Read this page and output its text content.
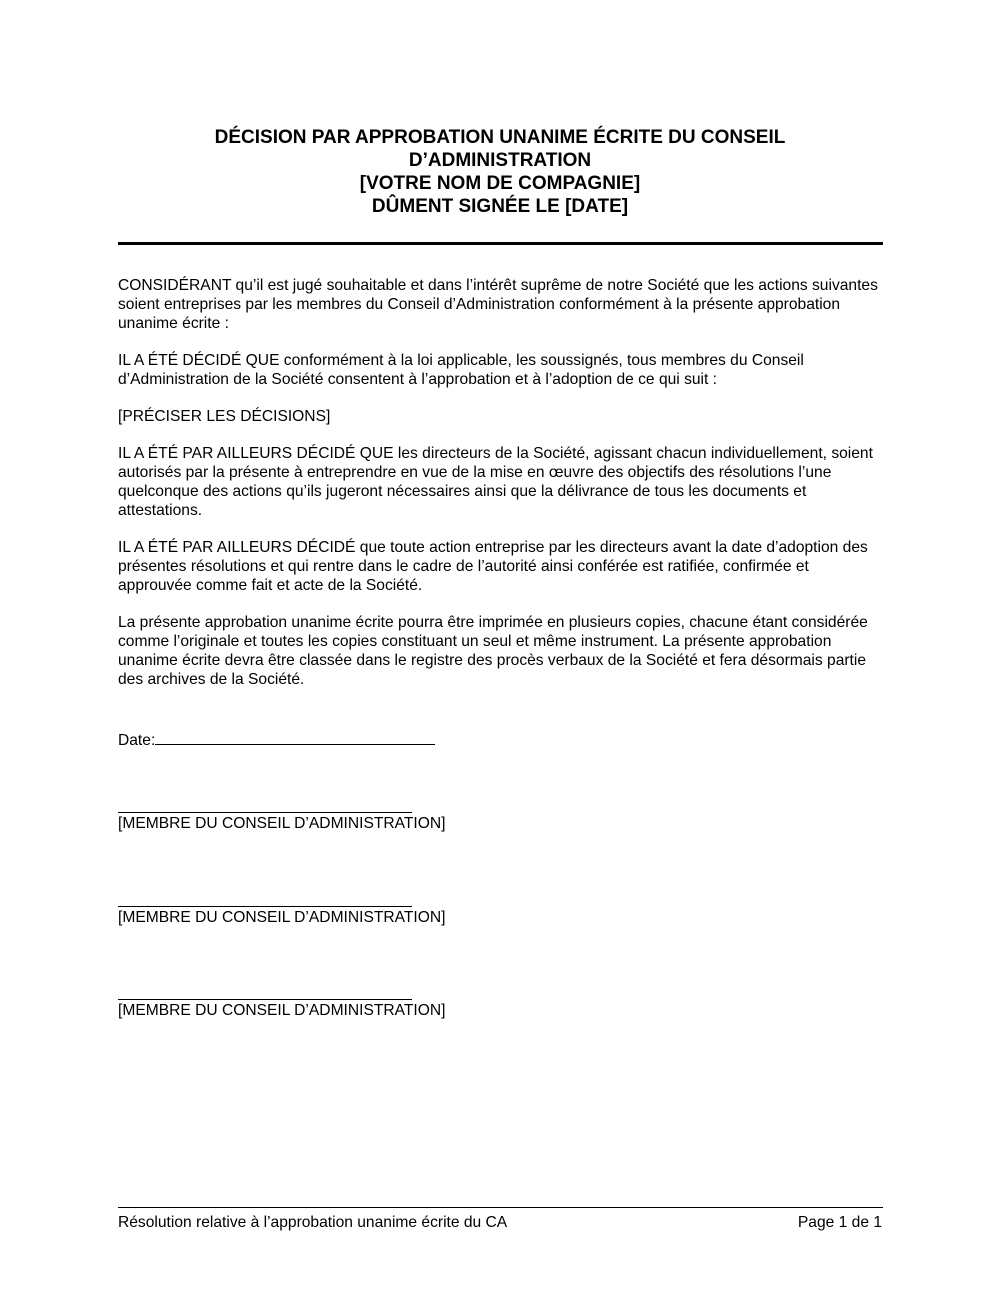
DÉCISION PAR APPROBATION UNANIME ÉCRITE DU CONSEIL
D’ADMINISTRATION
[VOTRE NOM DE COMPAGNIE]
DÛMENT SIGNÉE LE [DATE]

CONSIDÉRANT qu’il est jugé souhaitable et dans l’intérêt suprême de notre Société que les actions suivantes soient entreprises par les membres du Conseil d’Administration conformément à la présente approbation unanime écrite :

IL A ÉTÉ DÉCIDÉ QUE conformément à la loi applicable, les soussignés, tous membres du Conseil d’Administration de la Société consentent à l’approbation et à l’adoption de ce qui suit :

[PRÉCISER LES DÉCISIONS]

IL A ÉTÉ PAR AILLEURS DÉCIDÉ QUE les directeurs de la Société, agissant chacun individuellement, soient autorisés par la présente à entreprendre en vue de la mise en œuvre des objectifs des résolutions l’une quelconque des actions qu’ils jugeront nécessaires ainsi que la délivrance de tous les documents et attestations.

IL A ÉTÉ PAR AILLEURS DÉCIDÉ que toute action entreprise par les directeurs avant la date d’adoption des présentes résolutions et qui rentre dans le cadre de l’autorité ainsi conférée est ratifiée, confirmée et approuvée comme fait et acte de la Société.

La présente approbation unanime écrite pourra être imprimée en plusieurs copies, chacune étant considérée comme l’originale et toutes les copies constituant un seul et même instrument. La présente approbation unanime écrite devra être classée dans le registre des procès verbaux de la Société et fera désormais partie des archives de la Société.

Date:
[MEMBRE DU CONSEIL D’ADMINISTRATION]
[MEMBRE DU CONSEIL D’ADMINISTRATION]
[MEMBRE DU CONSEIL D’ADMINISTRATION]
Résolution relative à l’approbation unanime écrite du CA	Page 1 de 1
